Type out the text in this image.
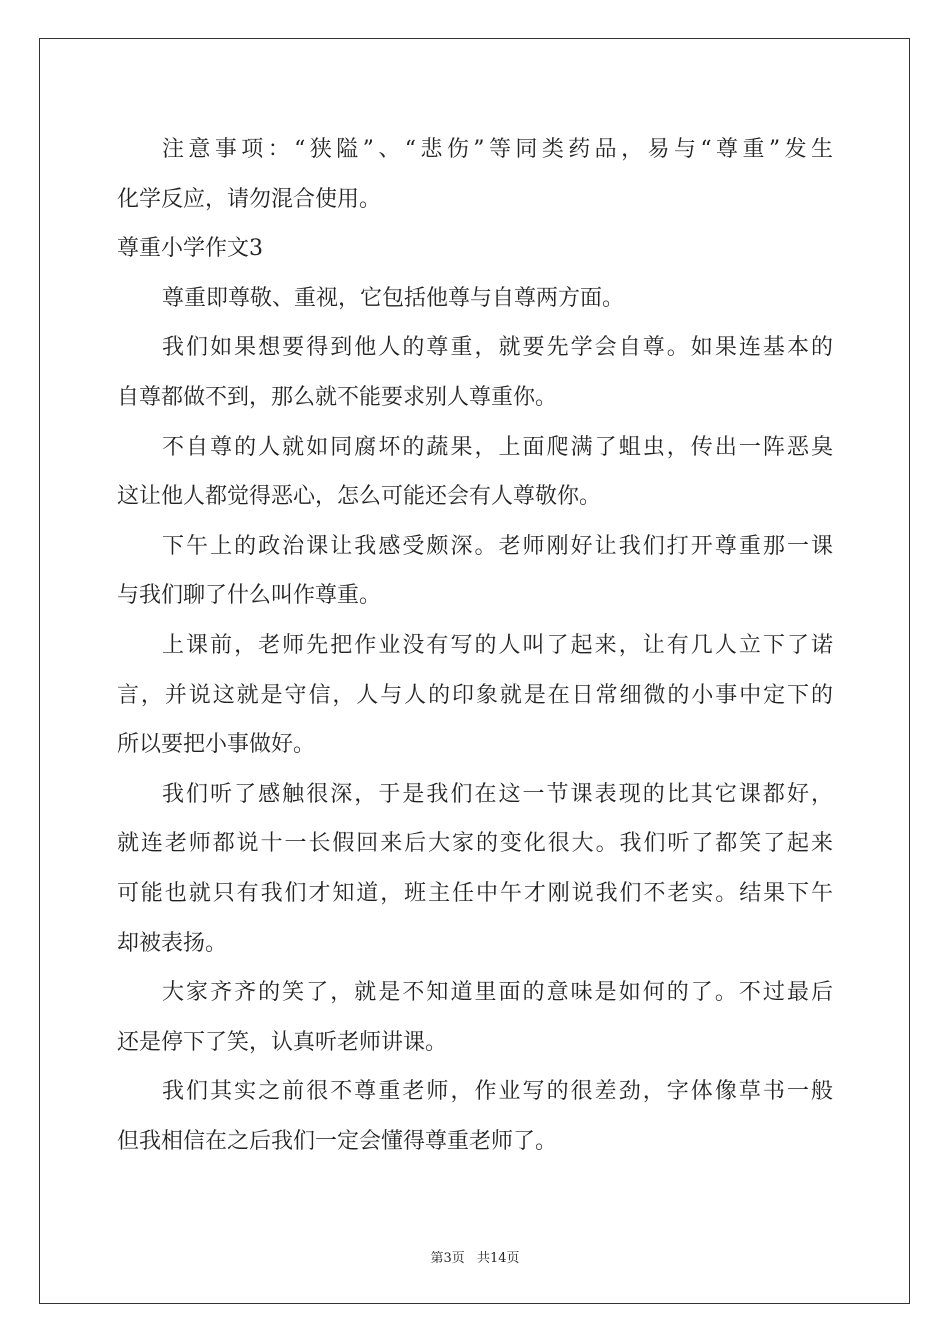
注意事项：“狭隘”、“悲伤”等同类药品，易与“尊重”发生
化学反应，请勿混合使用。
尊重小学作文3
尊重即尊敬、重视，它包括他尊与自尊两方面。
我们如果想要得到他人的尊重，就要先学会自尊。如果连基本的
自尊都做不到，那么就不能要求别人尊重你。
不自尊的人就如同腐坏的蔬果，上面爬满了蛆虫，传出一阵恶臭
这让他人都觉得恶心，怎么可能还会有人尊敬你。
下午上的政治课让我感受颇深。老师刚好让我们打开尊重那一课
与我们聊了什么叫作尊重。
上课前，老师先把作业没有写的人叫了起来，让有几人立下了诺
言，并说这就是守信，人与人的印象就是在日常细微的小事中定下的
所以要把小事做好。
我们听了感触很深，于是我们在这一节课表现的比其它课都好，
就连老师都说十一长假回来后大家的变化很大。我们听了都笑了起来
可能也就只有我们才知道，班主任中午才刚说我们不老实。结果下午
却被表扬。
大家齐齐的笑了，就是不知道里面的意味是如何的了。不过最后
还是停下了笑，认真听老师讲课。
我们其实之前很不尊重老师，作业写的很差劲，字体像草书一般
但我相信在之后我们一定会懂得尊重老师了。
第3页 共14页
